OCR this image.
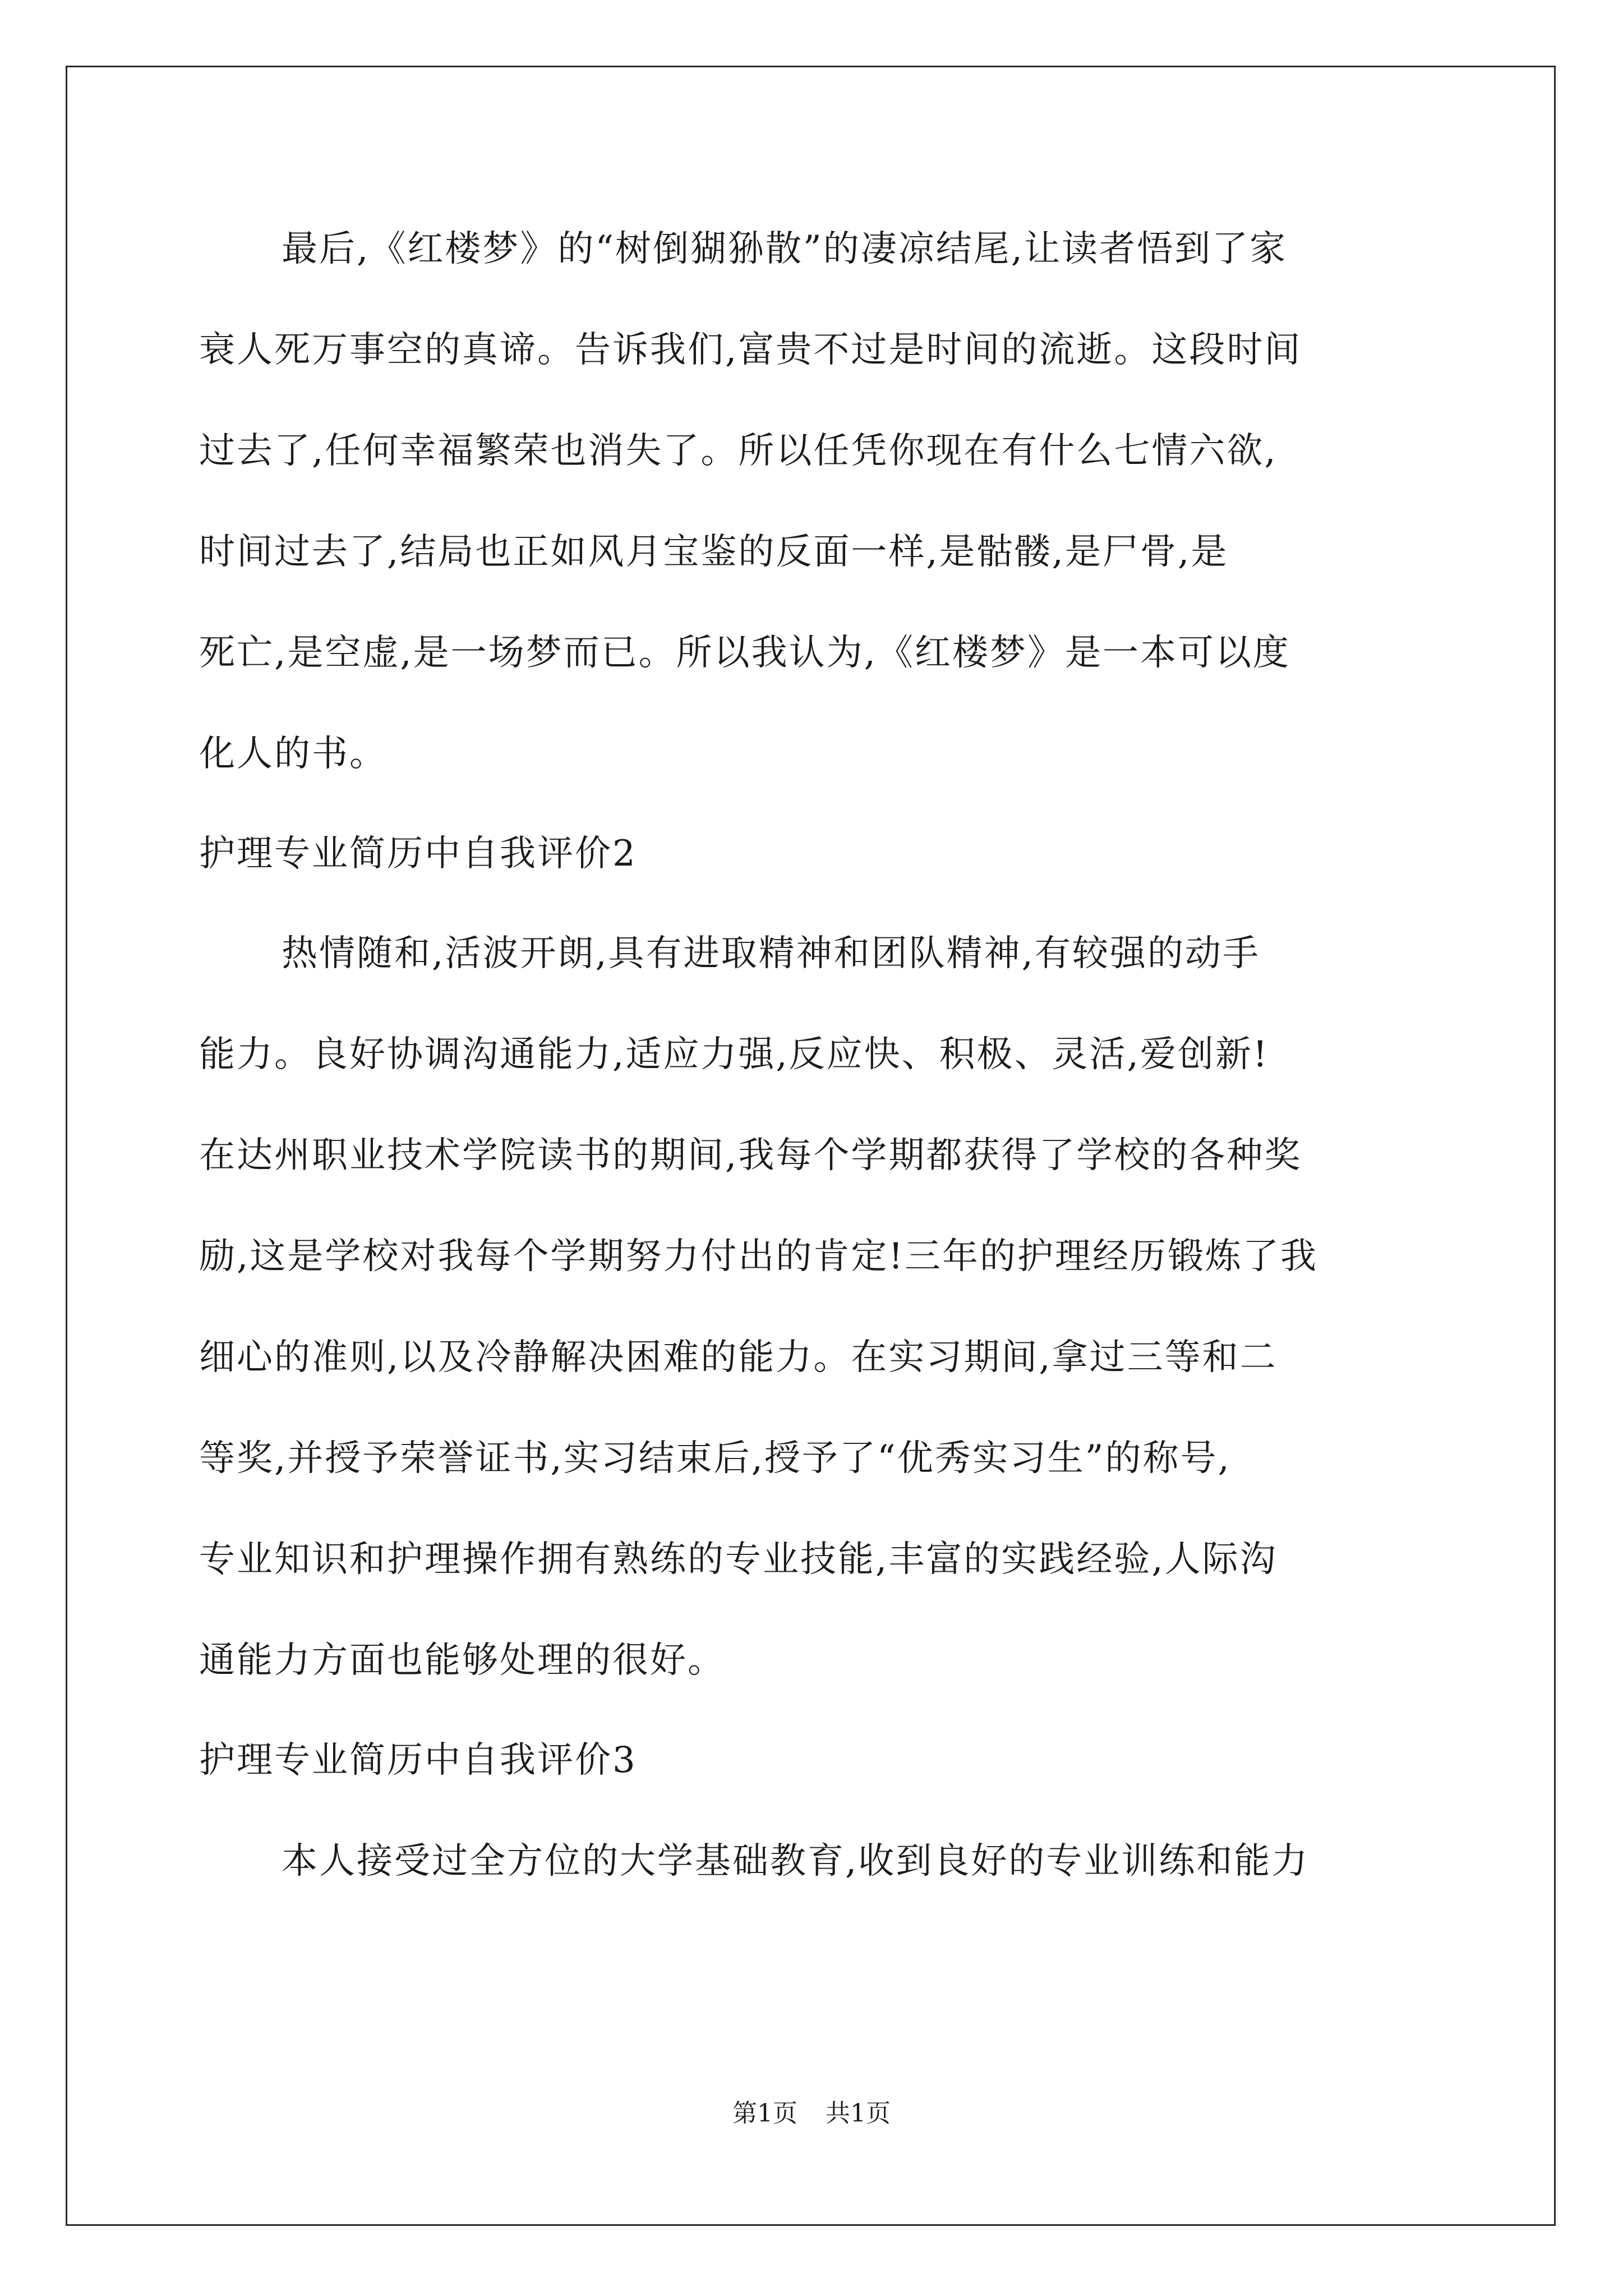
最后,《红楼梦》的“树倒猢狲散”的凄凉结尾,让读者悟到了家
衰人死万事空的真谛。告诉我们,富贵不过是时间的流逝。这段时间
过去了,任何幸福繁荣也消失了。所以任凭你现在有什么七情六欲,
时间过去了,结局也正如风月宝鉴的反面一样,是骷髅,是尸骨,是
死亡,是空虚,是一场梦而已。所以我认为,《红楼梦》是一本可以度
化人的书。
护理专业简历中自我评价2
热情随和,活波开朗,具有进取精神和团队精神,有较强的动手
能力。良好协调沟通能力,适应力强,反应快、积极、灵活,爱创新!
在达州职业技术学院读书的期间,我每个学期都获得了学校的各种奖
励,这是学校对我每个学期努力付出的肯定!三年的护理经历锻炼了我
细心的准则,以及冷静解决困难的能力。在实习期间,拿过三等和二
等奖,并授予荣誉证书,实习结束后,授予了“优秀实习生”的称号,
专业知识和护理操作拥有熟练的专业技能,丰富的实践经验,人际沟
通能力方面也能够处理的很好。
护理专业简历中自我评价3
本人接受过全方位的大学基础教育,收到良好的专业训练和能力
第1页 共1页
